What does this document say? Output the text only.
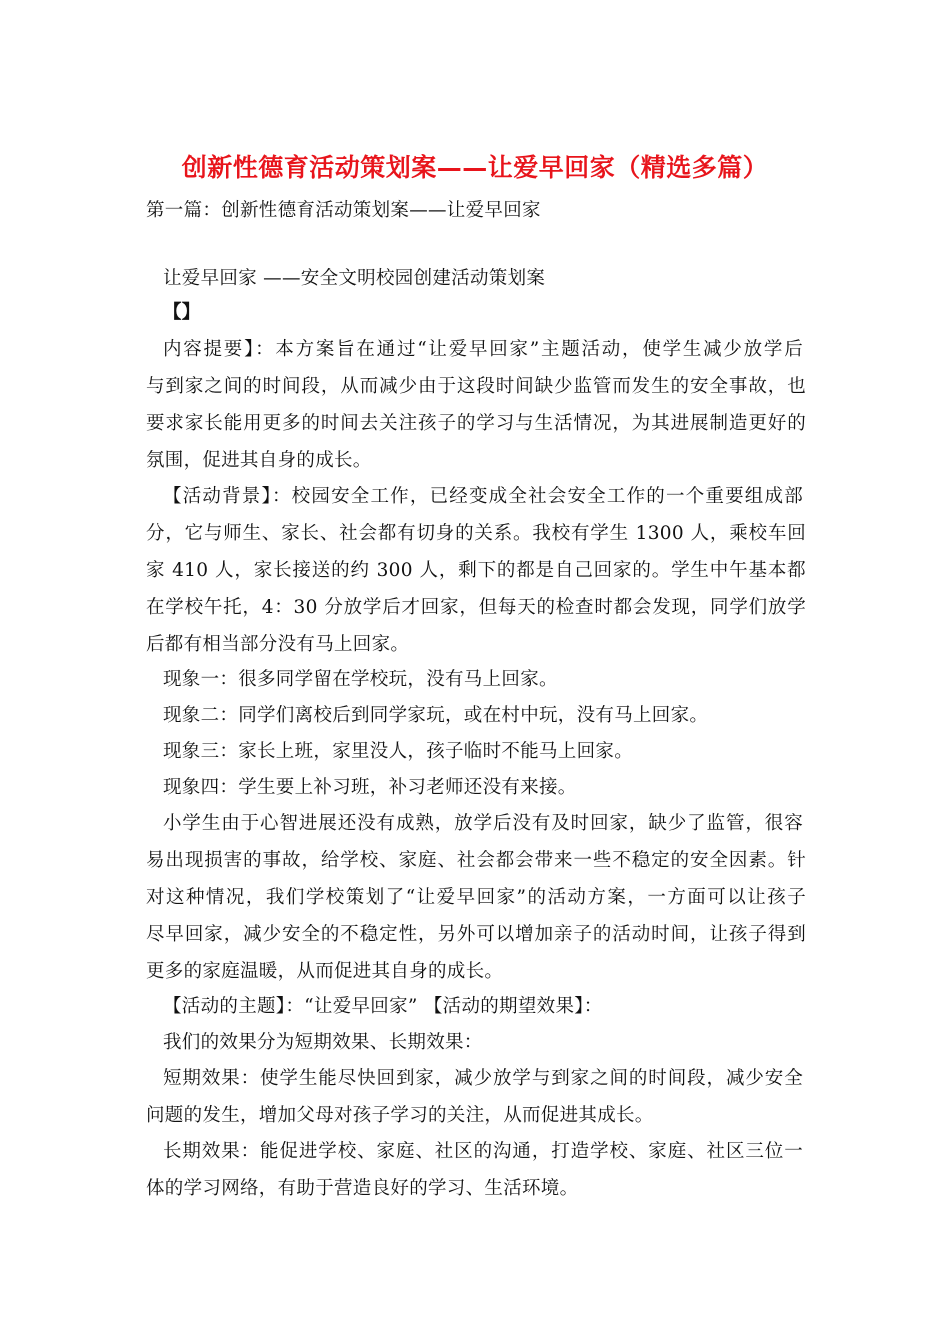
创新性德育活动策划案——让爱早回家（精选多篇）
第一篇：创新性德育活动策划案——让爱早回家
让爱早回家 ——安全文明校园创建活动策划案
【】
内容提要】：本方案旨在通过“让爱早回家”主题活动，使学生减少放学后
与到家之间的时间段，从而减少由于这段时间缺少监管而发生的安全事故，也
要求家长能用更多的时间去关注孩子的学习与生活情况，为其进展制造更好的
氛围，促进其自身的成长。
【活动背景】：校园安全工作，已经变成全社会安全工作的一个重要组成部
分，它与师生、家长、社会都有切身的关系。我校有学生 1300 人，乘校车回
家 410 人，家长接送的约 300 人，剩下的都是自己回家的。学生中午基本都
在学校午托，4：30 分放学后才回家，但每天的检查时都会发现，同学们放学
后都有相当部分没有马上回家。
现象一：很多同学留在学校玩，没有马上回家。
现象二：同学们离校后到同学家玩，或在村中玩，没有马上回家。
现象三：家长上班，家里没人，孩子临时不能马上回家。
现象四：学生要上补习班，补习老师还没有来接。
小学生由于心智进展还没有成熟，放学后没有及时回家，缺少了监管，很容
易出现损害的事故，给学校、家庭、社会都会带来一些不稳定的安全因素。针
对这种情况，我们学校策划了“让爱早回家”的活动方案，一方面可以让孩子
尽早回家，减少安全的不稳定性，另外可以增加亲子的活动时间，让孩子得到
更多的家庭温暖，从而促进其自身的成长。
【活动的主题】：“让爱早回家” 【活动的期望效果】：
我们的效果分为短期效果、长期效果：
短期效果：使学生能尽快回到家，减少放学与到家之间的时间段，减少安全
问题的发生，增加父母对孩子学习的关注，从而促进其成长。
长期效果：能促进学校、家庭、社区的沟通，打造学校、家庭、社区三位一
体的学习网络，有助于营造良好的学习、生活环境。
